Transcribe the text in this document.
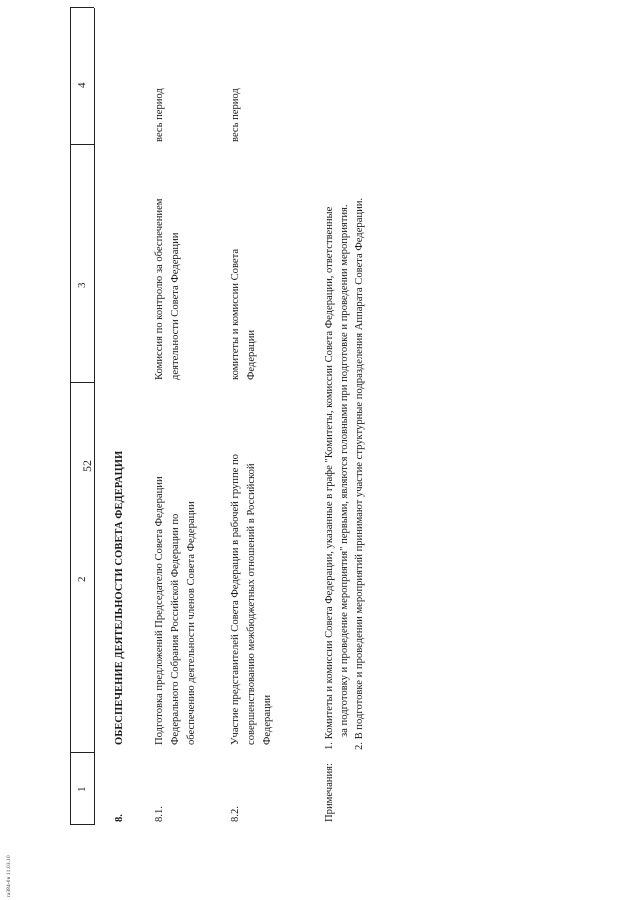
ra384-0н 11.03.10
52
1
2
3
4
8.
ОБЕСПЕЧЕНИЕ ДЕЯТЕЛЬНОСТИ СОВЕТА ФЕДЕРАЦИИ
8.1.
Подготовка предложений Председателю Совета Федерации Федерального Собрания Российской Федерации по обеспечению деятельности членов Совета Федерации
Комиссия по контролю за обеспечением деятельности Совета Федерации
весь период
8.2.
Участие представителей Совета Федерации в рабочей группе по совершенствованию межбюджетных отношений в Российской Федерации
комитеты и комиссии Совета Федерации
весь период
Примечания:
1. Комитеты и комиссии Совета Федерации, указанные в графе "Комитеты, комиссии Совета Федерации, ответственные за подготовку и проведение мероприятия" первыми, являются головными при подготовке и проведении мероприятия. 2. В подготовке и проведении мероприятий принимают участие структурные подразделения Аппарата Совета Федерации.
